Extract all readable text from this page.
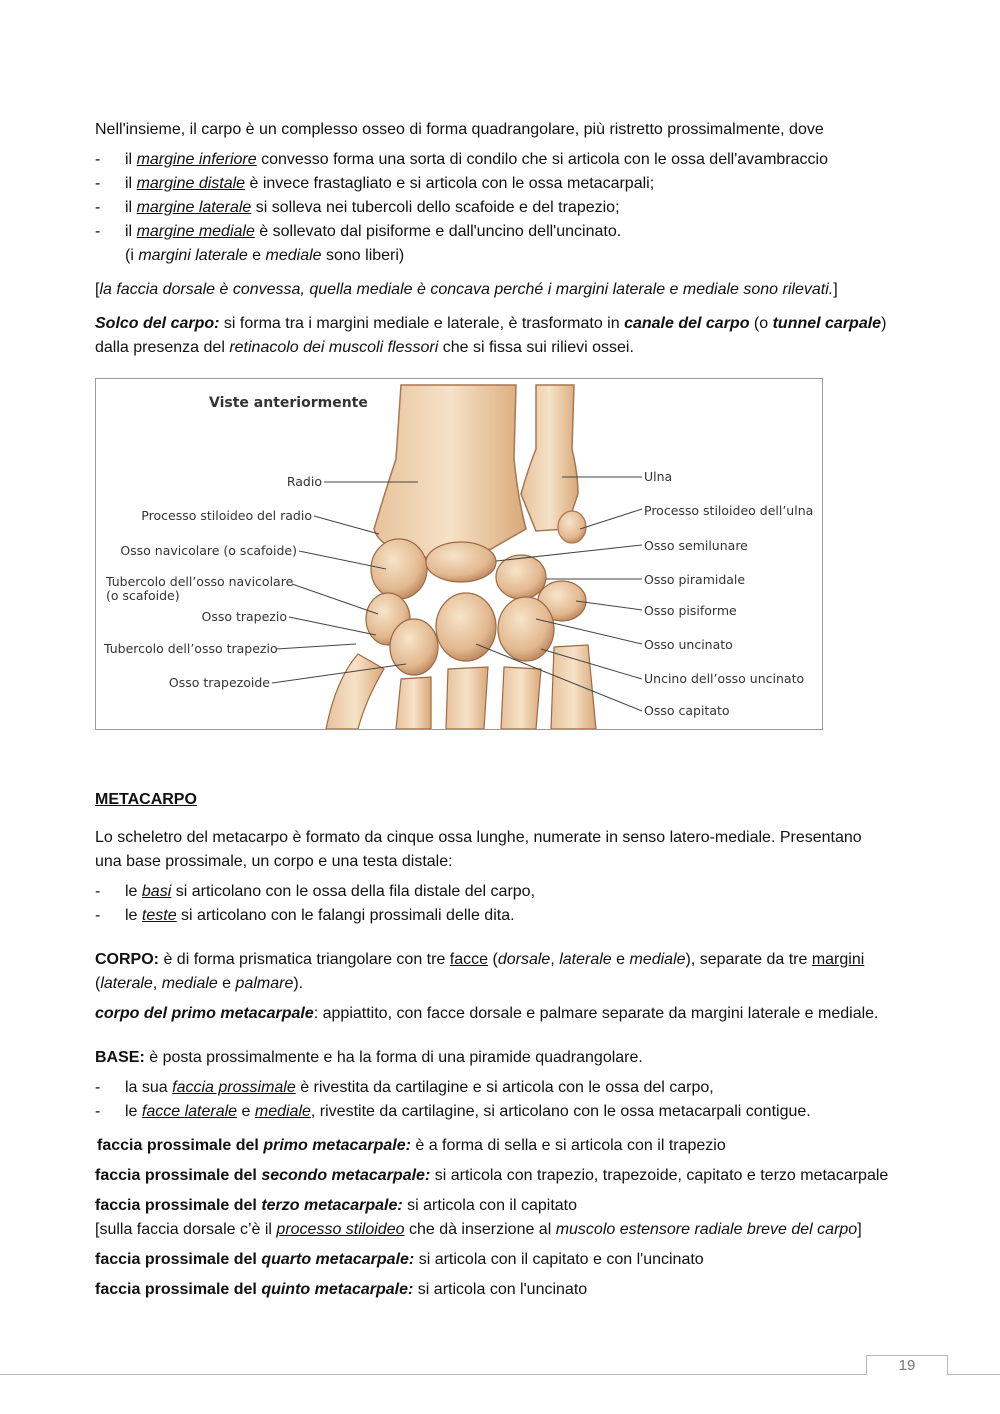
Nell'insieme, il carpo è un complesso osseo di forma quadrangolare, più ristretto prossimalmente, dove

- il margine inferiore convesso forma una sorta di condilo che si articola con le ossa dell'avambraccio
- il margine distale è invece frastagliato e si articola con le ossa metacarpali;
- il margine laterale si solleva nei tubercoli dello scafoide e del trapezio;
- il margine mediale è sollevato dal pisiforme e dall'uncino dell'uncinato.

(i margini laterale e mediale sono liberi)

[la faccia dorsale è convessa, quella mediale è concava perché i margini laterale e mediale sono rilevati.]

Solco del carpo: si forma tra i margini mediale e laterale, è trasformato in canale del carpo (o tunnel carpale)
dalla presenza del retinacolo dei muscoli flessori che si fissa sui rilievi ossei.

Viste anteriormente
Radio
Processo stiloideo del radio
Osso navicolare (o scafoide)
Tubercolo dell’osso navicolare
(o scafoide)
Osso trapezio
Tubercolo dell’osso trapezio
Osso trapezoide
Ulna
Processo stiloideo dell’ulna
Osso semilunare
Osso piramidale
Osso pisiforme
Osso uncinato
Uncino dell’osso uncinato
Osso capitato
METACARPO

Lo scheletro del metacarpo è formato da cinque ossa lunghe, numerate in senso latero-mediale. Presentano
una base prossimale, un corpo e una testa distale:

- le basi si articolano con le ossa della fila distale del carpo,
- le teste si articolano con le falangi prossimali delle dita.

CORPO: è di forma prismatica triangolare con tre facce (dorsale, laterale e mediale), separate da tre margini
(laterale, mediale e palmare).

corpo del primo metacarpale: appiattito, con facce dorsale e palmare separate da margini laterale e mediale.

BASE: è posta prossimalmente e ha la forma di una piramide quadrangolare.

- la sua faccia prossimale è rivestita da cartilagine e si articola con le ossa del carpo,
- le facce laterale e mediale, rivestite da cartilagine, si articolano con le ossa metacarpali contigue.

faccia prossimale del primo metacarpale: è a forma di sella e si articola con il trapezio

faccia prossimale del secondo metacarpale: si articola con trapezio, trapezoide, capitato e terzo metacarpale

faccia prossimale del terzo metacarpale: si articola con il capitato

[sulla faccia dorsale c’è il processo stiloideo che dà inserzione al muscolo estensore radiale breve del carpo]

faccia prossimale del quarto metacarpale: si articola con il capitato e con l'uncinato

faccia prossimale del quinto metacarpale: si articola con l'uncinato

19
